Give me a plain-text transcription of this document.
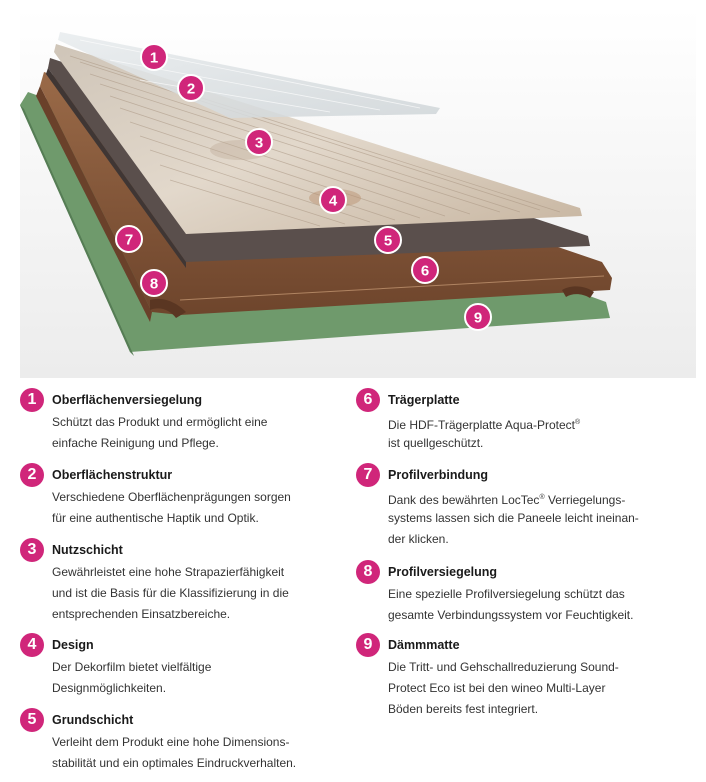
1
2
3
4
5
6
7
8
9
1	Oberflächenversiegelung
Schützt das Produkt und ermöglicht eine
einfache Reinigung und Pflege.
2	Oberflächenstruktur
Verschiedene Oberflächenprägungen sorgen
für eine authentische Haptik und Optik.
3	Nutzschicht
Gewährleistet eine hohe Strapazierfähigkeit
und ist die Basis für die Klassifizierung in die
entsprechenden Einsatzbereiche.
4	Design
Der Dekorfilm bietet vielfältige
Designmöglichkeiten.
5	Grundschicht
Verleiht dem Produkt eine hohe Dimensions-
stabilität und ein optimales Eindruckverhalten.
6	Trägerplatte
Die HDF-Trägerplatte Aqua-Protect®
ist quellgeschützt.
7	Profilverbindung
Dank des bewährten LocTec® Verriegelungs-
systems lassen sich die Paneele leicht ineinan-
der klicken.
8	Profilversiegelung
Eine spezielle Profilversiegelung schützt das
gesamte Verbindungssystem vor Feuchtigkeit.
9	Dämmmatte
Die Tritt- und Gehschallreduzierung Sound-
Protect Eco ist bei den wineo Multi-Layer
Böden bereits fest integriert.
